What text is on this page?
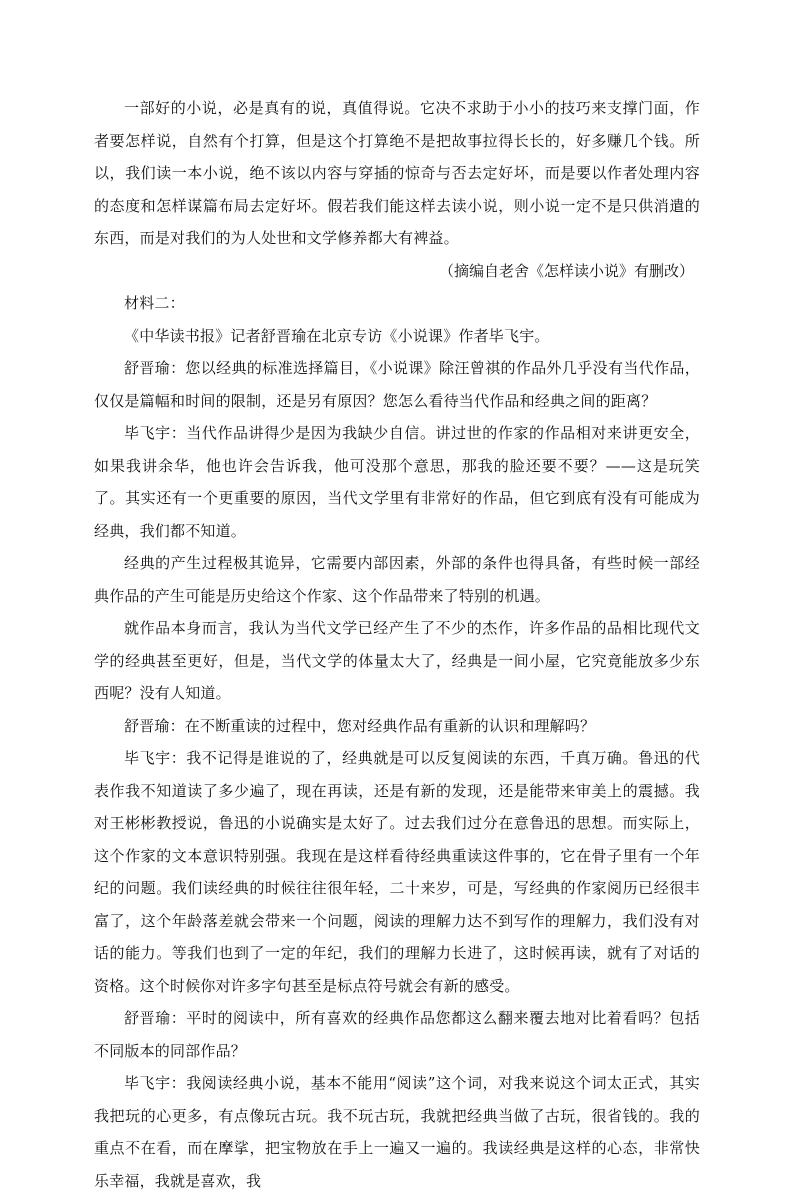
一部好的小说，必是真有的说，真值得说。它决不求助于小小的技巧来支撑门面，作者要怎样说，自然有个打算，但是这个打算绝不是把故事拉得长长的，好多赚几个钱。所以，我们读一本小说，绝不该以内容与穿插的惊奇与否去定好坏，而是要以作者处理内容的态度和怎样谋篇布局去定好坏。假若我们能这样去读小说，则小说一定不是只供消遣的东西，而是对我们的为人处世和文学修养都大有裨益。

（摘编自老舍《怎样读小说》有删改）

材料二：

《中华读书报》记者舒晋瑜在北京专访《小说课》作者毕飞宇。

舒晋瑜：您以经典的标准选择篇目，《小说课》除汪曾祺的作品外几乎没有当代作品，仅仅是篇幅和时间的限制，还是另有原因？您怎么看待当代作品和经典之间的距离？

毕飞宇：当代作品讲得少是因为我缺少自信。讲过世的作家的作品相对来讲更安全，如果我讲余华，他也许会告诉我，他可没那个意思，那我的脸还要不要？——这是玩笑了。其实还有一个更重要的原因，当代文学里有非常好的作品，但它到底有没有可能成为经典，我们都不知道。

经典的产生过程极其诡异，它需要内部因素，外部的条件也得具备，有些时候一部经典作品的产生可能是历史给这个作家、这个作品带来了特别的机遇。

就作品本身而言，我认为当代文学已经产生了不少的杰作，许多作品的品相比现代文学的经典甚至更好，但是，当代文学的体量太大了，经典是一间小屋，它究竟能放多少东西呢？没有人知道。

舒晋瑜：在不断重读的过程中，您对经典作品有重新的认识和理解吗？

毕飞宇：我不记得是谁说的了，经典就是可以反复阅读的东西，千真万确。鲁迅的代表作我不知道读了多少遍了，现在再读，还是有新的发现，还是能带来审美上的震撼。我对王彬彬教授说，鲁迅的小说确实是太好了。过去我们过分在意鲁迅的思想。而实际上，这个作家的文本意识特别强。我现在是这样看待经典重读这件事的，它在骨子里有一个年纪的问题。我们读经典的时候往往很年轻，二十来岁，可是，写经典的作家阅历已经很丰富了，这个年龄落差就会带来一个问题，阅读的理解力达不到写作的理解力，我们没有对话的能力。等我们也到了一定的年纪，我们的理解力长进了，这时候再读，就有了对话的资格。这个时候你对许多字句甚至是标点符号就会有新的感受。

舒晋瑜：平时的阅读中，所有喜欢的经典作品您都这么翻来覆去地对比着看吗？包括不同版本的同部作品？

毕飞宇：我阅读经典小说，基本不能用“阅读”这个词，对我来说这个词太正式，其实我把玩的心更多，有点像玩古玩。我不玩古玩，我就把经典当做了古玩，很省钱的。我的重点不在看，而在摩挲，把宝物放在手上一遍又一遍的。我读经典是这样的心态，非常快乐幸福，我就是喜欢，我
